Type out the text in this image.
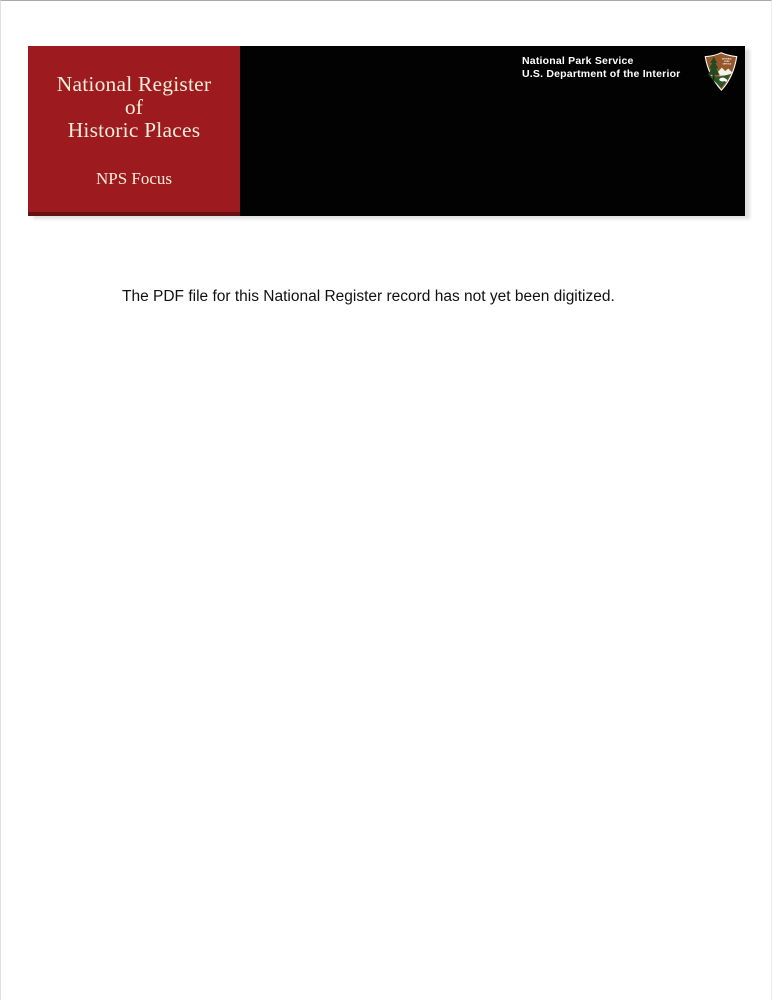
National Register
of
Historic Places
NPS Focus
National Park Service
U.S. Department of the Interior
NATIONAL
PARK
SERVICE
The PDF file for this National Register record has not yet been digitized.
